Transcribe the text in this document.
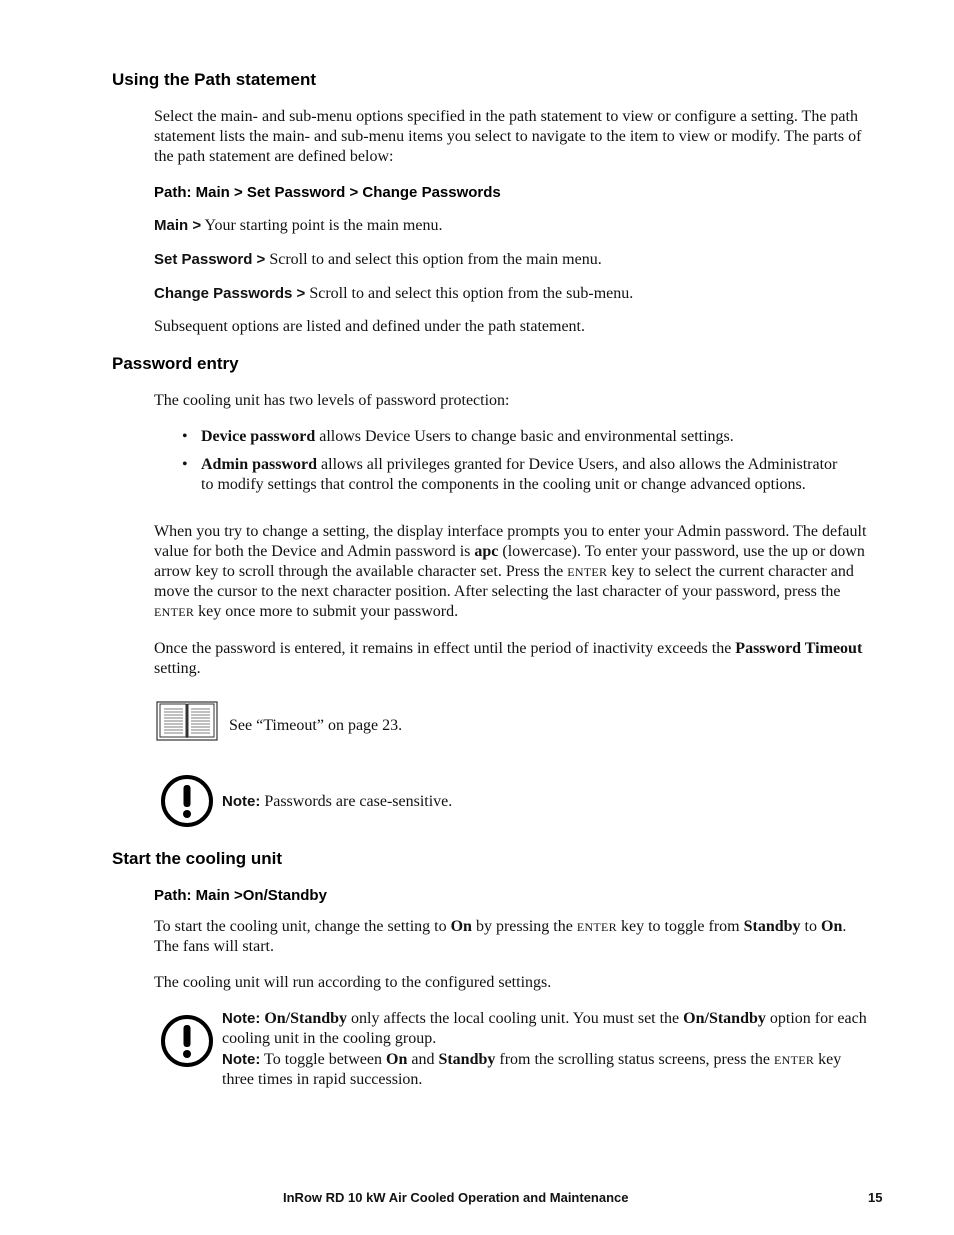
Using the Path statement

Select the main- and sub-menu options specified in the path statement to view or configure a setting. The path statement lists the main- and sub-menu items you select to navigate to the item to view or modify. The parts of the path statement are defined below:

Path: Main > Set Password > Change Passwords

Main > Your starting point is the main menu.

Set Password > Scroll to and select this option from the main menu.

Change Passwords > Scroll to and select this option from the sub-menu.

Subsequent options are listed and defined under the path statement.

Password entry

The cooling unit has two levels of password protection:

• Device password allows Device Users to change basic and environmental settings.
• Admin password allows all privileges granted for Device Users, and also allows the Administrator to modify settings that control the components in the cooling unit or change advanced options.

When you try to change a setting, the display interface prompts you to enter your Admin password. The default value for both the Device and Admin password is apc (lowercase). To enter your password, use the up or down arrow key to scroll through the available character set. Press the ENTER key to select the current character and move the cursor to the next character position. After selecting the last character of your password, press the ENTER key once more to submit your password.

Once the password is entered, it remains in effect until the period of inactivity exceeds the Password Timeout setting.

See “Timeout” on page 23.

Note: Passwords are case-sensitive.

Start the cooling unit

Path: Main >On/Standby

To start the cooling unit, change the setting to On by pressing the ENTER key to toggle from Standby to On. The fans will start.

The cooling unit will run according to the configured settings.

Note: On/Standby only affects the local cooling unit. You must set the On/Standby option for each cooling unit in the cooling group.

Note: To toggle between On and Standby from the scrolling status screens, press the ENTER key three times in rapid succession.

InRow RD 10 kW Air Cooled Operation and Maintenance	15
